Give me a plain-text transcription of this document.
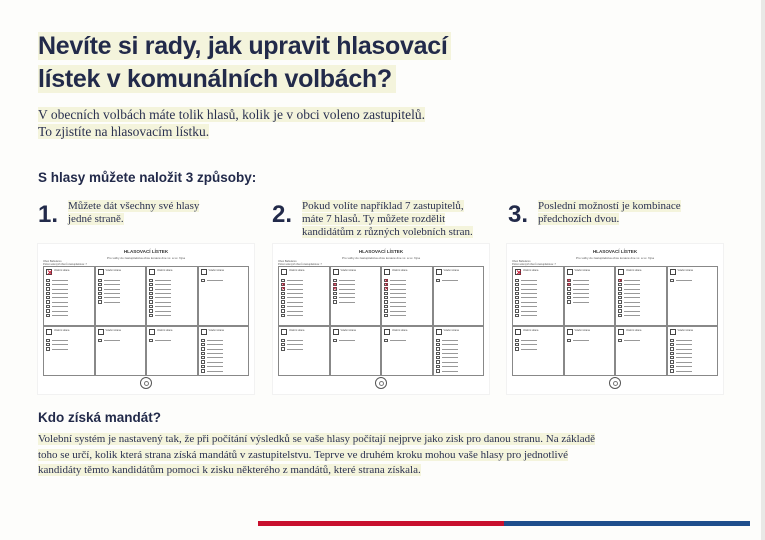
Nevíte si rady, jak upravit hlasovací
lístek v komunálních volbách?

V obecních volbách máte tolik hlasů, kolik je v obci voleno zastupitelů.
To zjistíte na hlasovacím lístku.

S hlasy můžete naložit 3 způsoby:
1. Můžete dát všechny své hlasy
jedné straně.	2. Pokud volíte například 7 zastupitelů,
máte 7 hlasů. Ty můžete rozdělit
kandidátům z různých volebních stran.
3. Poslední možností je kombinace
předchozích dvou.
HLASOVACÍ LÍSTEK
Pro volby do zastupitelstva obce konané dne xx. a xx. října
Obec Babulamo
Počet volených členů zastupitelstva: 7
✕
Volební strana	Volební strana	Volební strana	Volební strana
Volební strana	Volební strana	Volební strana	Volební strana
HLASOVACÍ LÍSTEK
Pro volby do zastupitelstva obce konané dne xx. a xx. října
Obec Babulamo
Počet volených členů zastupitelstva: 7
Volební strana
✕
✕	Volební strana
✕
✕	Volební strana
✕
✕
✕	Volební strana
Volební strana	Volební strana	Volební strana	Volební strana
HLASOVACÍ LÍSTEK
Pro volby do zastupitelstva obce konané dne xx. a xx. října
Obec Babulamo
Počet volených členů zastupitelstva: 7
✕
Volební strana	Volební strana
✕
✕	Volební strana
✕	Volební strana
Volební strana	Volební strana	Volební strana	Volební strana
Kdo získá mandát?

Volební systém je nastavený tak, že při počítání výsledků se vaše hlasy počítají nejprve jako zisk pro danou stranu. Na základě
toho se určí, kolik která strana získá mandátů v zastupitelstvu. Teprve ve druhém kroku mohou vaše hlasy pro jednotlivé
kandidáty těmto kandidátům pomoci k zisku některého z mandátů, které strana získala.
